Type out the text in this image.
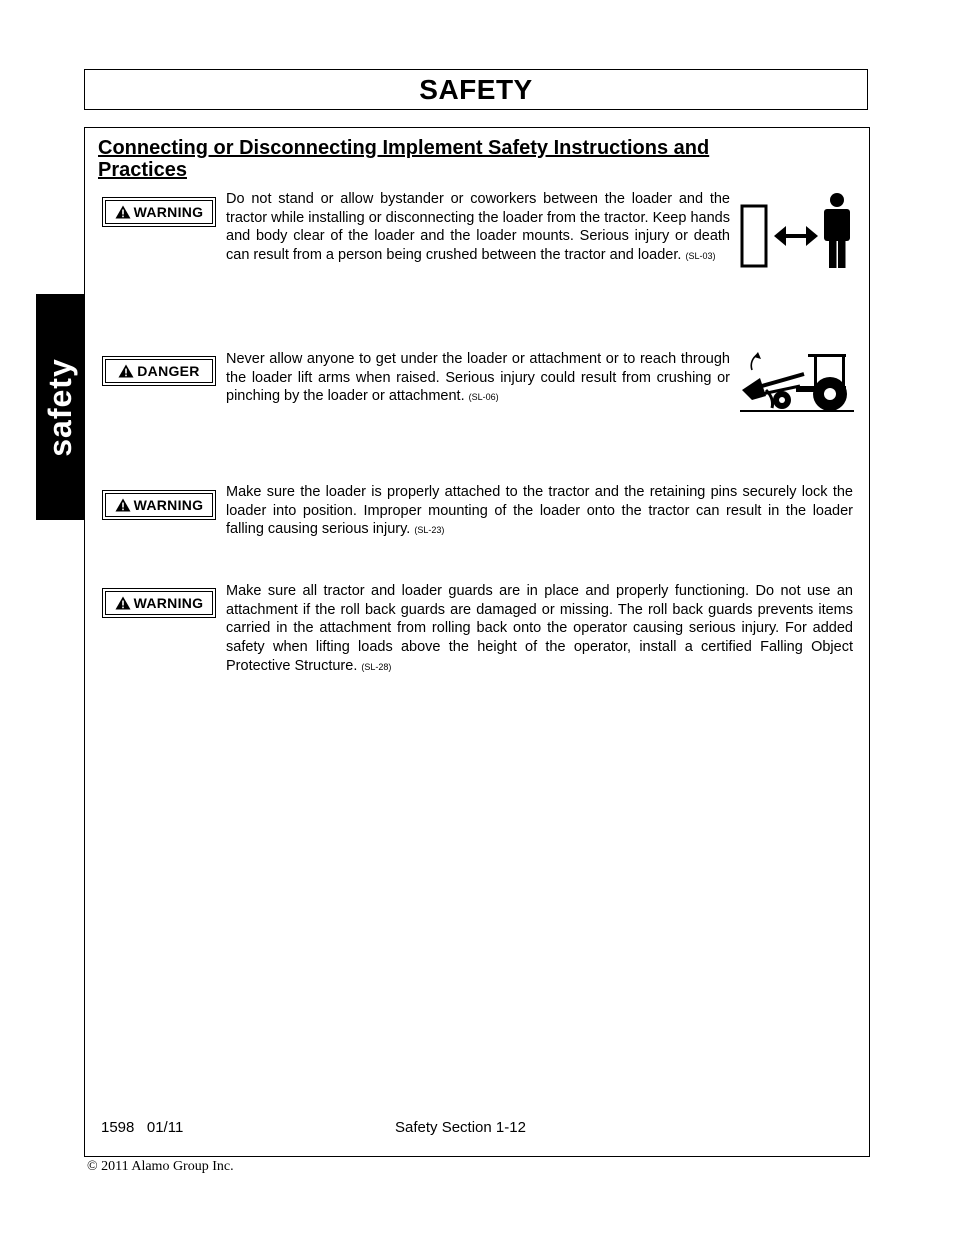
SAFETY
safety
Connecting or Disconnecting Implement Safety Instructions and Practices
WARNING
Do not stand or allow bystander or coworkers between the loader and the tractor while installing or disconnecting the loader from the tractor. Keep hands and body clear of the loader and the loader mounts. Serious injury or death can result from a person being crushed between the tractor and loader. (SL-03)
DANGER
Never allow anyone to get under the loader or attachment or to reach through the loader lift arms when raised. Serious injury could result from crushing or pinching by the loader or attachment. (SL-06)
WARNING
Make sure the loader is properly attached to the tractor and the retaining pins securely lock the loader into position. Improper mounting of the loader onto the tractor can result in the loader falling causing serious injury. (SL-23)
WARNING
Make sure all tractor and loader guards are in place and properly functioning. Do not use an attachment if the roll back guards are damaged or missing. The roll back guards prevents items carried in the attachment from rolling back onto the operator causing serious injury. For added safety when lifting loads above the height of the operator, install a certified Falling Object Protective Structure. (SL-28)
1598   01/11	Safety Section 1-12
© 2011 Alamo Group Inc.
